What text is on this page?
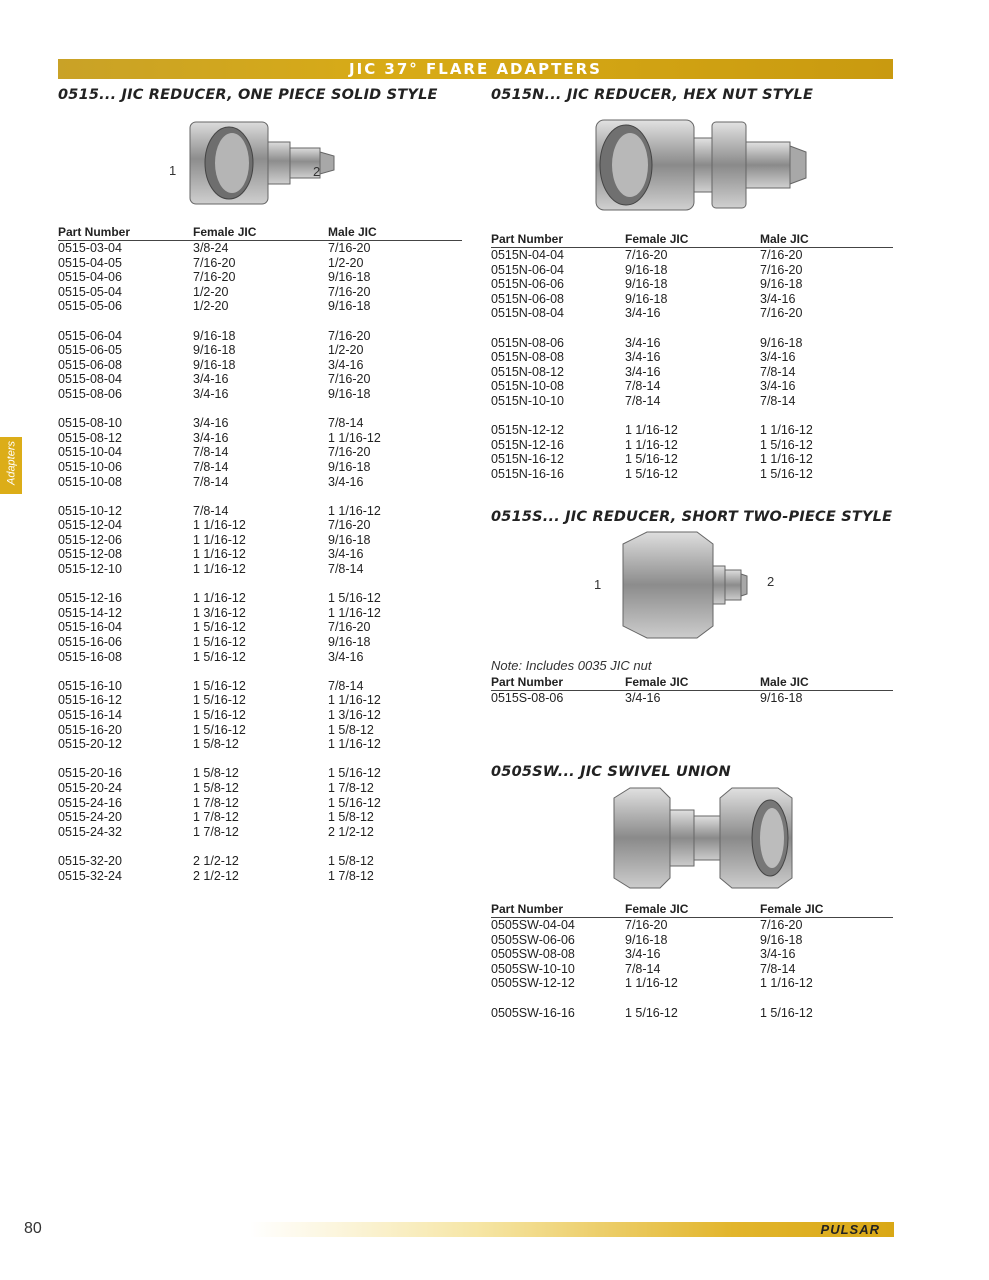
JIC 37° FLARE ADAPTERS
Adapters
0515... JIC REDUCER, ONE PIECE SOLID STYLE
1	2
Part Number	Female JIC	Male JIC
0515-03-04	3/8-24	7/16-20
0515-04-05	7/16-20	1/2-20
0515-04-06	7/16-20	9/16-18
0515-05-04	1/2-20	7/16-20
0515-05-06	1/2-20	9/16-18
0515-06-04	9/16-18	7/16-20
0515-06-05	9/16-18	1/2-20
0515-06-08	9/16-18	3/4-16
0515-08-04	3/4-16	7/16-20
0515-08-06	3/4-16	9/16-18
0515-08-10	3/4-16	7/8-14
0515-08-12	3/4-16	1 1/16-12
0515-10-04	7/8-14	7/16-20
0515-10-06	7/8-14	9/16-18
0515-10-08	7/8-14	3/4-16
0515-10-12	7/8-14	1 1/16-12
0515-12-04	1 1/16-12	7/16-20
0515-12-06	1 1/16-12	9/16-18
0515-12-08	1 1/16-12	3/4-16
0515-12-10	1 1/16-12	7/8-14
0515-12-16	1 1/16-12	1 5/16-12
0515-14-12	1 3/16-12	1 1/16-12
0515-16-04	1 5/16-12	7/16-20
0515-16-06	1 5/16-12	9/16-18
0515-16-08	1 5/16-12	3/4-16
0515-16-10	1 5/16-12	7/8-14
0515-16-12	1 5/16-12	1 1/16-12
0515-16-14	1 5/16-12	1 3/16-12
0515-16-20	1 5/16-12	1 5/8-12
0515-20-12	1 5/8-12	1 1/16-12
0515-20-16	1 5/8-12	1 5/16-12
0515-20-24	1 5/8-12	1 7/8-12
0515-24-16	1 7/8-12	1 5/16-12
0515-24-20	1 7/8-12	1 5/8-12
0515-24-32	1 7/8-12	2 1/2-12
0515-32-20	2 1/2-12	1 5/8-12
0515-32-24	2 1/2-12	1 7/8-12
0515N... JIC REDUCER, HEX NUT STYLE
Part Number	Female JIC	Male JIC
0515N-04-04	7/16-20	7/16-20
0515N-06-04	9/16-18	7/16-20
0515N-06-06	9/16-18	9/16-18
0515N-06-08	9/16-18	3/4-16
0515N-08-04	3/4-16	7/16-20
0515N-08-06	3/4-16	9/16-18
0515N-08-08	3/4-16	3/4-16
0515N-08-12	3/4-16	7/8-14
0515N-10-08	7/8-14	3/4-16
0515N-10-10	7/8-14	7/8-14
0515N-12-12	1 1/16-12	1 1/16-12
0515N-12-16	1 1/16-12	1 5/16-12
0515N-16-12	1 5/16-12	1 1/16-12
0515N-16-16	1 5/16-12	1 5/16-12
0515S... JIC REDUCER, SHORT TWO-PIECE STYLE
1	2
Note: Includes 0035 JIC nut
Part Number	Female JIC	Male JIC
0515S-08-06	3/4-16	9/16-18
0505SW... JIC SWIVEL UNION
Part Number	Female JIC	Female JIC
0505SW-04-04	7/16-20	7/16-20
0505SW-06-06	9/16-18	9/16-18
0505SW-08-08	3/4-16	3/4-16
0505SW-10-10	7/8-14	7/8-14
0505SW-12-12	1 1/16-12	1 1/16-12
0505SW-16-16	1 5/16-12	1 5/16-12
80	PULSAR
